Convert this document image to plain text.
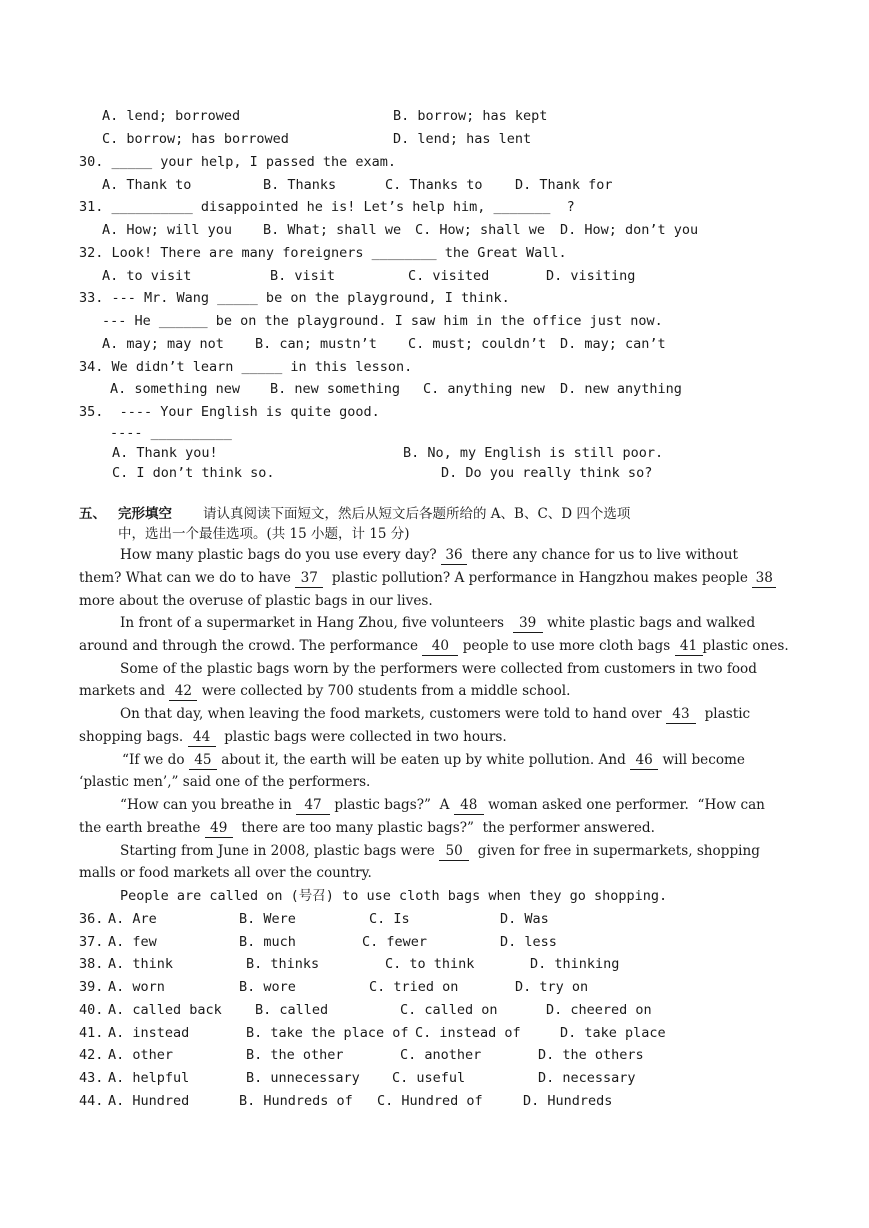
A. lend; borrowed	B. borrow; has kept
C. borrow; has borrowed	D. lend; has lent
30. _____ your help, I passed the exam.
A. Thank to	B. Thanks	C. Thanks to D. Thank for
31. __________ disappointed he is! Let’s help him, _______  ?
A. How; will you B. What; shall we C. How; shall we D. How; don’t you
32. Look! There are many foreigners ________ the Great Wall.
A. to visit	B. visit	C. visited	D. visiting
33. --- Mr. Wang _____ be on the playground, I think.
--- He ______ be on the playground. I saw him in the office just now.
A. may; may not B. can; mustn’t C. must; couldn’t D. may; can’t
34. We didn’t learn _____ in this lesson.
A. something new B. new something C. anything new D. new anything
35.  ---- Your English is quite good.
---- __________
A. Thank you!	B. No, my English is still poor.
C. I don’t think so.	D. Do you really think so?
五、 完形填空 请认真阅读下面短文，然后从短文后各题所给的 A、B、C、D 四个选项
中，选出一个最佳选项。(共 15 小题，计 15 分)
How many plastic bags do you use every day? 36 there any chance for us to live without
them? What can we do to have 37  plastic pollution? A performance in Hangzhou makes people 38
more about the overuse of plastic bags in our lives.
In front of a supermarket in Hang Zhou, five volunteers  39 white plastic bags and walked
around and through the crowd. The performance 40 people to use more cloth bags 41 plastic ones.
Some of the plastic bags worn by the performers were collected from customers in two food
markets and 42 were collected by 700 students from a middle school.
On that day, when leaving the food markets, customers were told to hand over 43  plastic
shopping bags. 44  plastic bags were collected in two hours.
“If we do 45 about it, the earth will be eaten up by white pollution. And 46 will become
‘plastic men’,” said one of the performers.
“How can you breathe in 47 plastic bags?”  A 48 woman asked one performer.  “How can
the earth breathe 49  there are too many plastic bags?”  the performer answered.
Starting from June in 2008, plastic bags were 50  given for free in supermarkets, shopping
malls or food markets all over the country.
People are called on (号召) to use cloth bags when they go shopping.
36. A. Are	B. Were	C. Is	D. Was
37. A. few	B. much	C. fewer	D. less
38. A. think	B. thinks	C. to think	D. thinking
39. A. worn	B. wore	C. tried on	D. try on
40. A. called back B. called	C. called on	D. cheered on
41. A. instead	B. take the place of C. instead of	D. take place
42. A. other	B. the other	C. another	D. the others
43. A. helpful	B. unnecessary C. useful	D. necessary
44. A. Hundred	B. Hundreds of C. Hundred of	D. Hundreds
